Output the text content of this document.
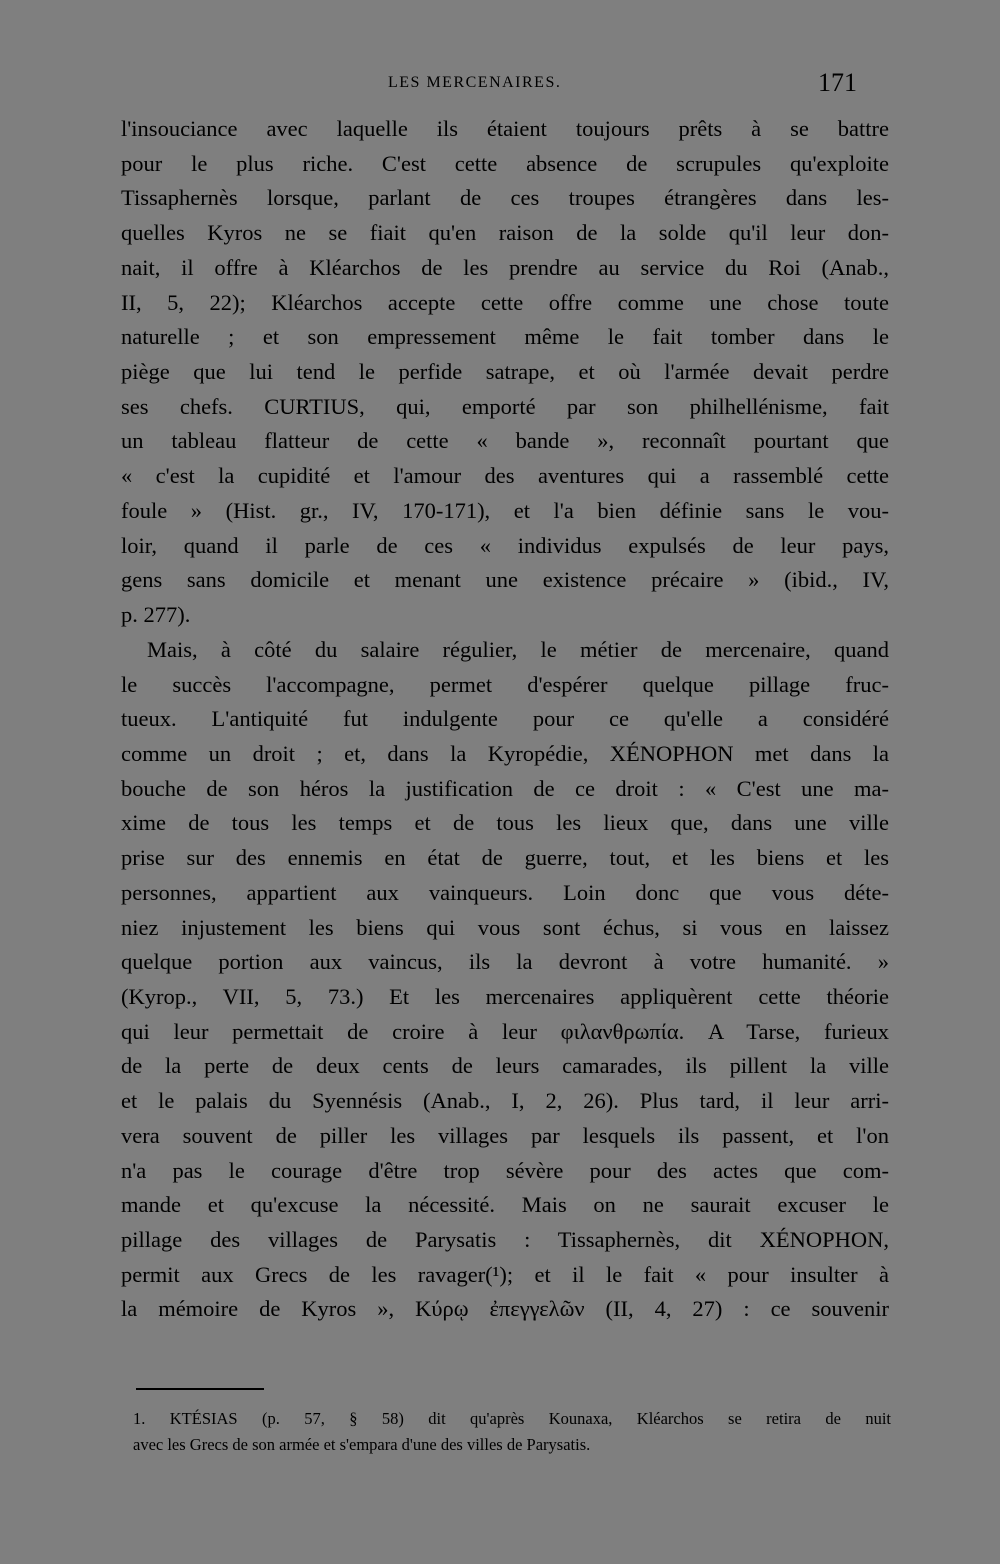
LES MERCENAIRES.	171
l'insouciance avec laquelle ils étaient toujours prêts à se battre
pour le plus riche. C'est cette absence de scrupules qu'exploite
Tissaphernès lorsque, parlant de ces troupes étrangères dans les-
quelles Kyros ne se fiait qu'en raison de la solde qu'il leur don-
nait, il offre à Kléarchos de les prendre au service du Roi (Anab.,
II, 5, 22); Kléarchos accepte cette offre comme une chose toute
naturelle ; et son empressement même le fait tomber dans le
piège que lui tend le perfide satrape, et où l'armée devait perdre
ses chefs. CURTIUS, qui, emporté par son philhellénisme, fait
un tableau flatteur de cette « bande », reconnaît pourtant que
« c'est la cupidité et l'amour des aventures qui a rassemblé cette
foule » (Hist. gr., IV, 170-171), et l'a bien définie sans le vou-
loir, quand il parle de ces « individus expulsés de leur pays,
gens sans domicile et menant une existence précaire » (ibid., IV,
p. 277).
Mais, à côté du salaire régulier, le métier de mercenaire, quand
le succès l'accompagne, permet d'espérer quelque pillage fruc-
tueux. L'antiquité fut indulgente pour ce qu'elle a considéré
comme un droit ; et, dans la Kyropédie, XÉNOPHON met dans la
bouche de son héros la justification de ce droit : « C'est une ma-
xime de tous les temps et de tous les lieux que, dans une ville
prise sur des ennemis en état de guerre, tout, et les biens et les
personnes, appartient aux vainqueurs. Loin donc que vous déte-
niez injustement les biens qui vous sont échus, si vous en laissez
quelque portion aux vaincus, ils la devront à votre humanité. »
(Kyrop., VII, 5, 73.) Et les mercenaires appliquèrent cette théorie
qui leur permettait de croire à leur φιλανθρωπία. A Tarse, furieux
de la perte de deux cents de leurs camarades, ils pillent la ville
et le palais du Syennésis (Anab., I, 2, 26). Plus tard, il leur arri-
vera souvent de piller les villages par lesquels ils passent, et l'on
n'a pas le courage d'être trop sévère pour des actes que com-
mande et qu'excuse la nécessité. Mais on ne saurait excuser le
pillage des villages de Parysatis : Tissaphernès, dit XÉNOPHON,
permit aux Grecs de les ravager(¹); et il le fait « pour insulter à
la mémoire de Kyros », Κύρῳ ἐπεγγελῶν (II, 4, 27) : ce souvenir
1. KTÉSIAS (p. 57, § 58) dit qu'après Kounaxa, Kléarchos se retira de nuit
avec les Grecs de son armée et s'empara d'une des villes de Parysatis.
